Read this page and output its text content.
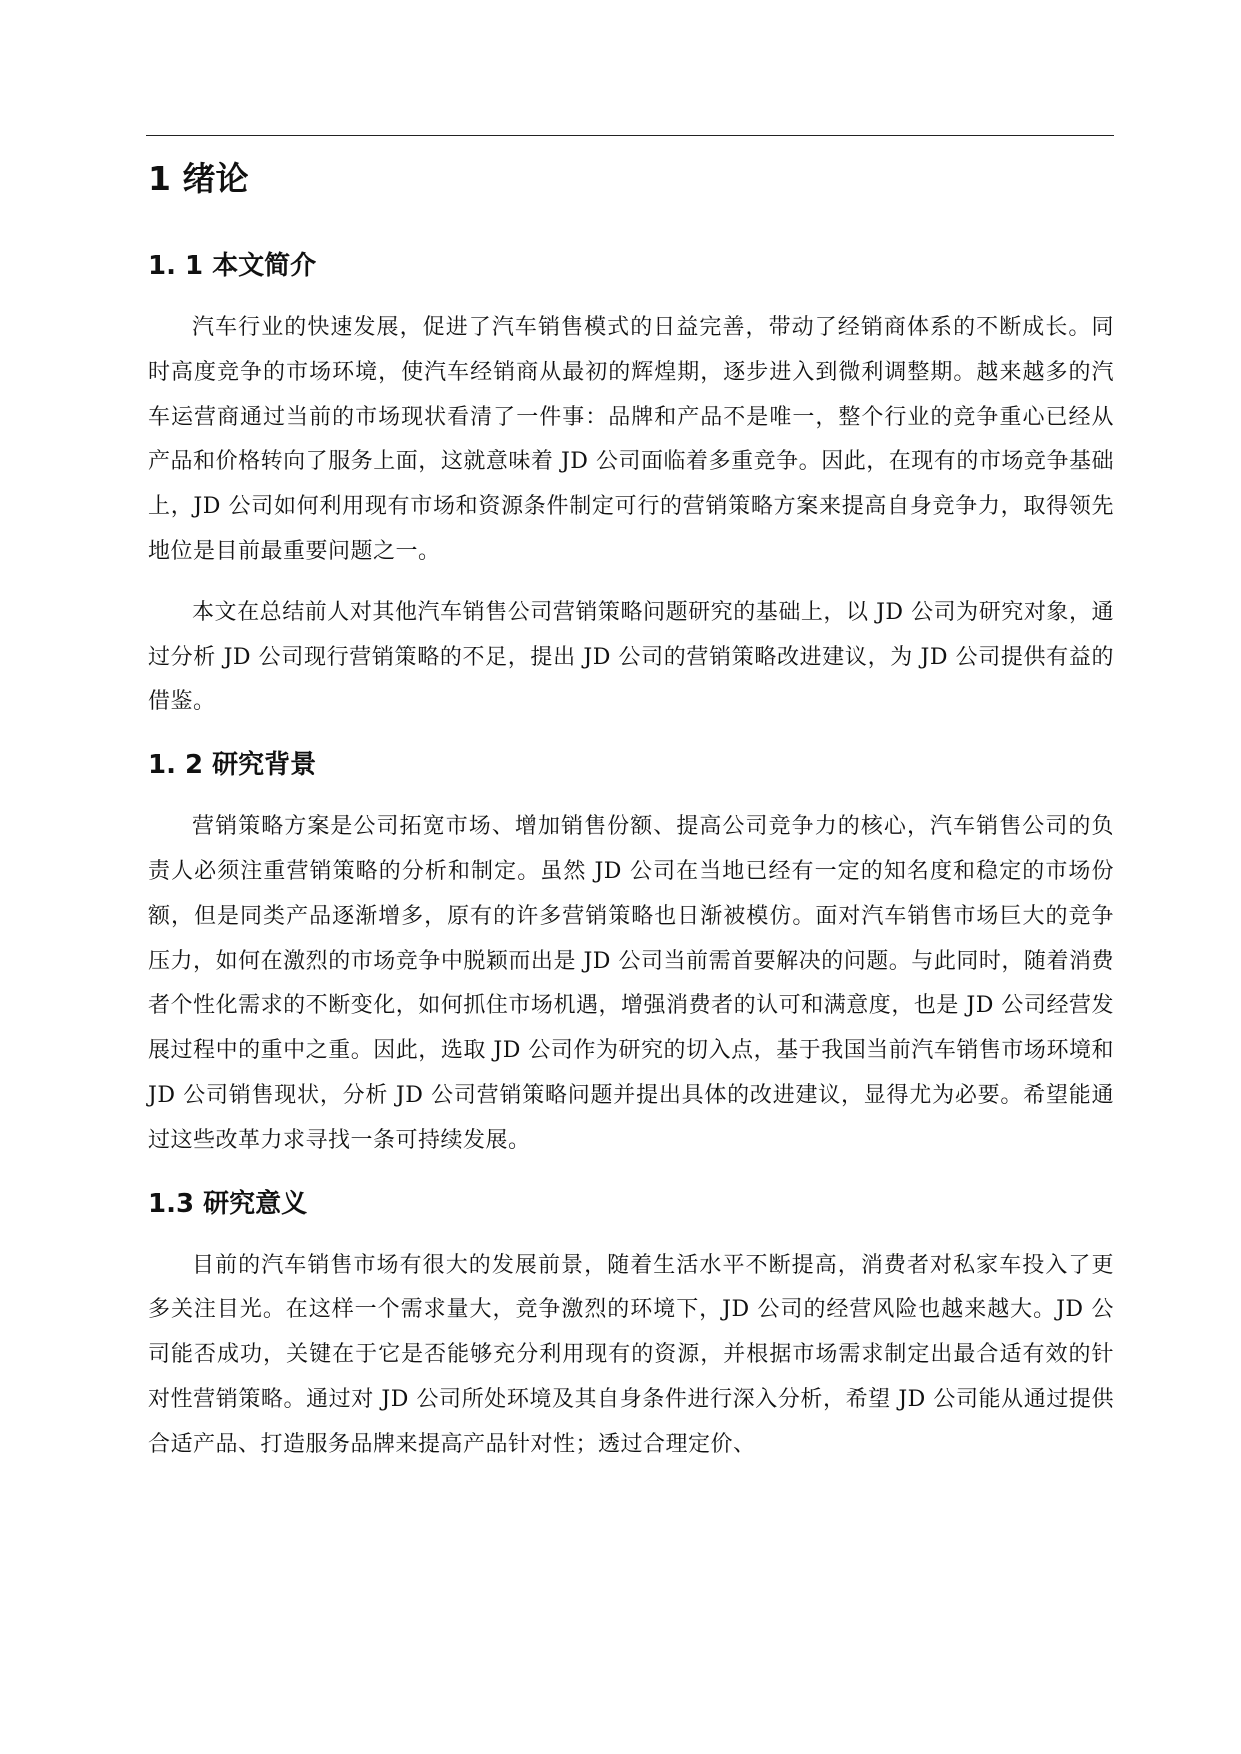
1 绪论
1. 1 本文简介

汽车行业的快速发展，促进了汽车销售模式的日益完善，带动了经销商体系的不断成长。同时高度竞争的市场环境，使汽车经销商从最初的辉煌期，逐步进入到微利调整期。越来越多的汽车运营商通过当前的市场现状看清了一件事：品牌和产品不是唯一，整个行业的竞争重心已经从产品和价格转向了服务上面，这就意味着 JD 公司面临着多重竞争。因此，在现有的市场竞争基础上，JD 公司如何利用现有市场和资源条件制定可行的营销策略方案来提高自身竞争力，取得领先地位是目前最重要问题之一。

本文在总结前人对其他汽车销售公司营销策略问题研究的基础上，以 JD 公司为研究对象，通过分析 JD 公司现行营销策略的不足，提出 JD 公司的营销策略改进建议，为 JD 公司提供有益的借鉴。

1. 2 研究背景

营销策略方案是公司拓宽市场、增加销售份额、提高公司竞争力的核心，汽车销售公司的负责人必须注重营销策略的分析和制定。虽然 JD 公司在当地已经有一定的知名度和稳定的市场份额，但是同类产品逐渐增多，原有的许多营销策略也日渐被模仿。面对汽车销售市场巨大的竞争压力，如何在激烈的市场竞争中脱颖而出是 JD 公司当前需首要解决的问题。与此同时，随着消费者个性化需求的不断变化，如何抓住市场机遇，增强消费者的认可和满意度，也是 JD 公司经营发展过程中的重中之重。因此，选取 JD 公司作为研究的切入点，基于我国当前汽车销售市场环境和 JD 公司销售现状，分析 JD 公司营销策略问题并提出具体的改进建议，显得尤为必要。希望能通过这些改革力求寻找一条可持续发展。

1.3 研究意义

目前的汽车销售市场有很大的发展前景，随着生活水平不断提高，消费者对私家车投入了更多关注目光。在这样一个需求量大，竞争激烈的环境下，JD 公司的经营风险也越来越大。JD 公司能否成功，关键在于它是否能够充分利用现有的资源，并根据市场需求制定出最合适有效的针对性营销策略。通过对 JD 公司所处环境及其自身条件进行深入分析，希望 JD 公司能从通过提供合适产品、打造服务品牌来提高产品针对性；透过合理定价、
